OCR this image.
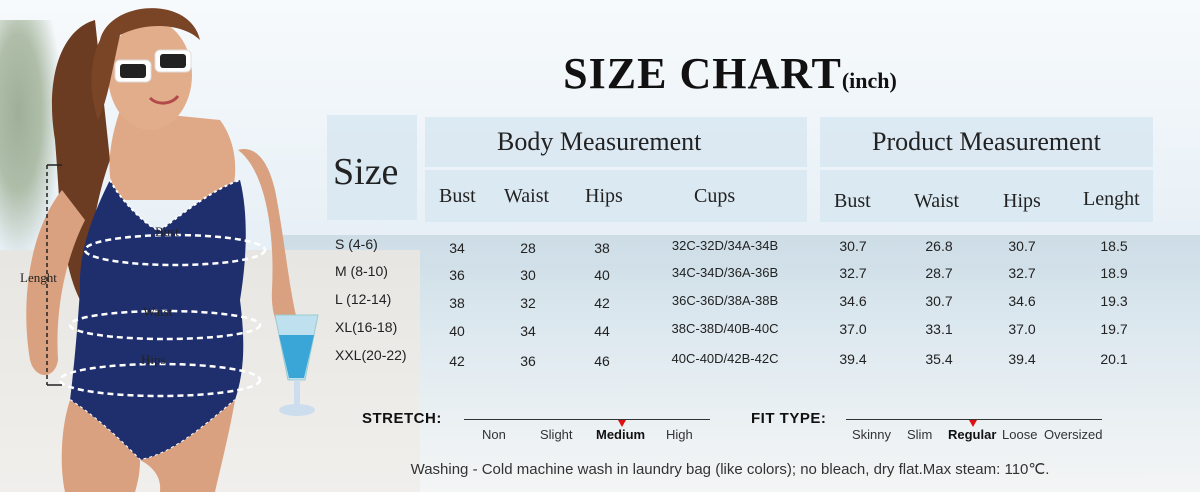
Bust
Waist
Hips
Lenght
SIZE CHART(inch)
Size
Body Measurement	Product Measurement
Bust Waist Hips	Cups	Bust Waist Hips Lenght
S (4-6)	34	28	38	32C-32D/34A-34B	30.7	26.8	30.7	18.5
M (8-10)	36	30	40	34C-34D/36A-36B	32.7	28.7	32.7	18.9
L (12-14)	38	32	42	36C-36D/38A-38B	34.6	30.7	34.6	19.3
XL(16-18)	40	34	44	38C-38D/40B-40C	37.0	33.1	37.0	19.7
XXL(20-22)	42	36	46	40C-40D/42B-42C	39.4	35.4	39.4	20.1
STRETCH:
Non	Slight Medium High
FIT TYPE:
Skinny Slim Regular Loose Oversized
Washing - Cold machine wash in laundry bag (like colors); no bleach, dry flat.Max steam: 110℃.
